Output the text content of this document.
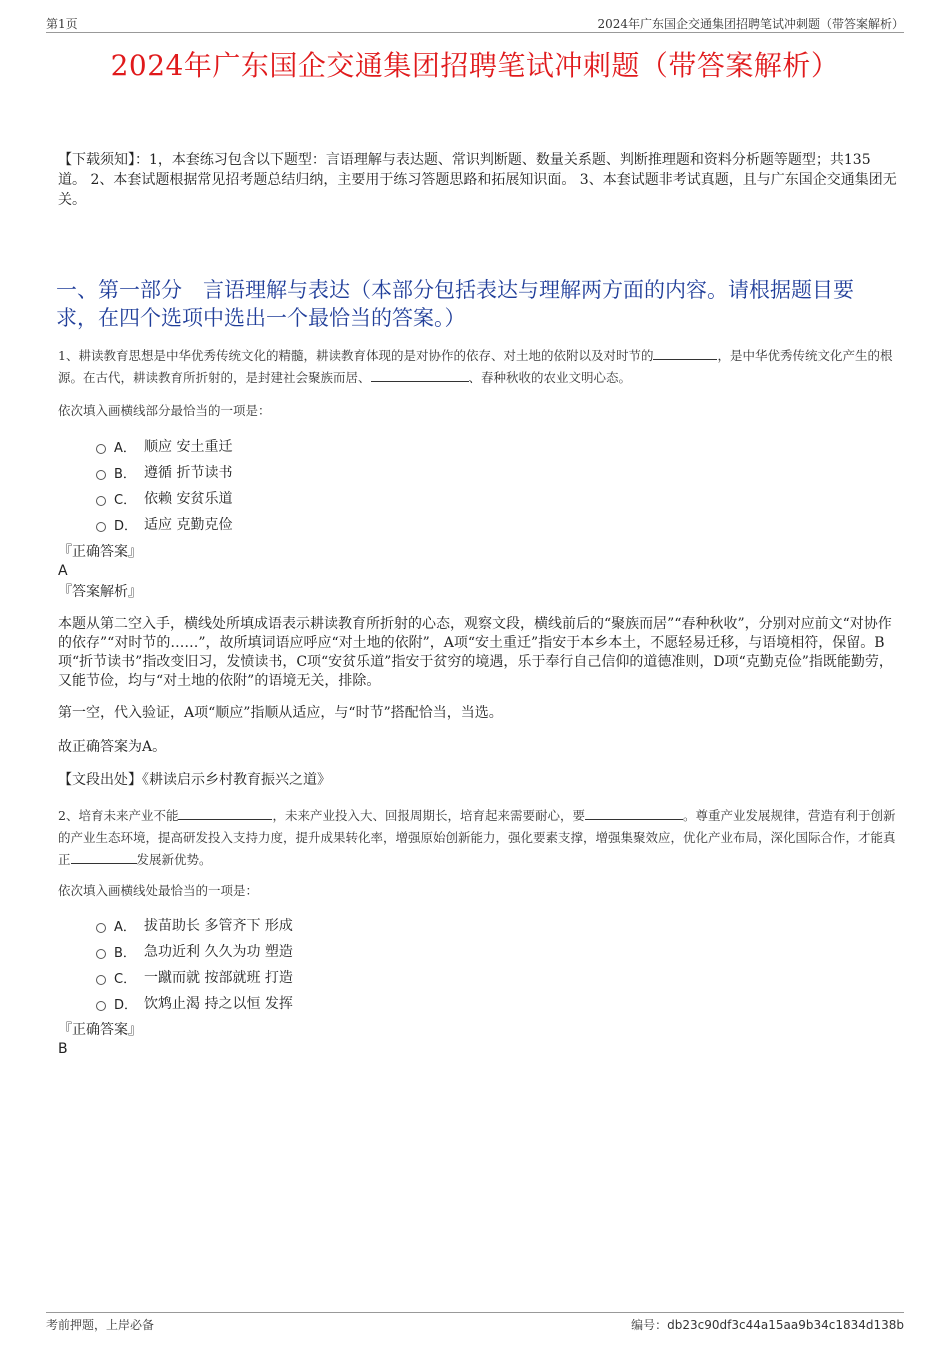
第1页	2024年广东国企交通集团招聘笔试冲刺题（带答案解析）
2024年广东国企交通集团招聘笔试冲刺题（带答案解析）
【下载须知】：1，本套练习包含以下题型：言语理解与表达题、常识判断题、数量关系题、判断推理题和资料分析题等题型；共135道。 2、本套试题根据常见招考题总结归纳，主要用于练习答题思路和拓展知识面。 3、本套试题非考试真题，且与广东国企交通集团无关。
一、第一部分　言语理解与表达（本部分包括表达与理解两方面的内容。请根据题目要求，在四个选项中选出一个最恰当的答案。）
1、耕读教育思想是中华优秀传统文化的精髓，耕读教育体现的是对协作的依存、对土地的依附以及对时节的	，是中华优秀传统文化产生的根源。在古代，耕读教育所折射的，是封建社会聚族而居、	、春种秋收的农业文明心态。
依次填入画横线部分最恰当的一项是：
A． 顺应 安土重迁
B． 遵循 折节读书
C． 依赖 安贫乐道
D． 适应 克勤克俭
『正确答案』
A
『答案解析』
本题从第二空入手，横线处所填成语表示耕读教育所折射的心态，观察文段，横线前后的“聚族而居”“春种秋收”，分别对应前文“对协作的依存”“对时节的……”，故所填词语应呼应“对土地的依附”，A项“安土重迁”指安于本乡本土，不愿轻易迁移，与语境相符，保留。B项“折节读书”指改变旧习，发愤读书，C项“安贫乐道”指安于贫穷的境遇，乐于奉行自己信仰的道德准则，D项“克勤克俭”指既能勤劳，又能节俭，均与“对土地的依附”的语境无关，排除。
第一空，代入验证，A项“顺应”指顺从适应，与“时节”搭配恰当，当选。
故正确答案为A。
【文段出处】《耕读启示乡村教育振兴之道》
2、培育未来产业不能	，未来产业投入大、回报周期长，培育起来需要耐心，要	。尊重产业发展规律，营造有利于创新的产业生态环境，提高研发投入支持力度，提升成果转化率，增强原始创新能力，强化要素支撑，增强集聚效应，优化产业布局，深化国际合作，才能真正	发展新优势。
依次填入画横线处最恰当的一项是：
A． 拔苗助长 多管齐下 形成
B． 急功近利 久久为功 塑造
C． 一蹴而就 按部就班 打造
D． 饮鸩止渴 持之以恒 发挥
『正确答案』
B
考前押题，上岸必备	编号：db23c90df3c44a15aa9b34c1834d138b
